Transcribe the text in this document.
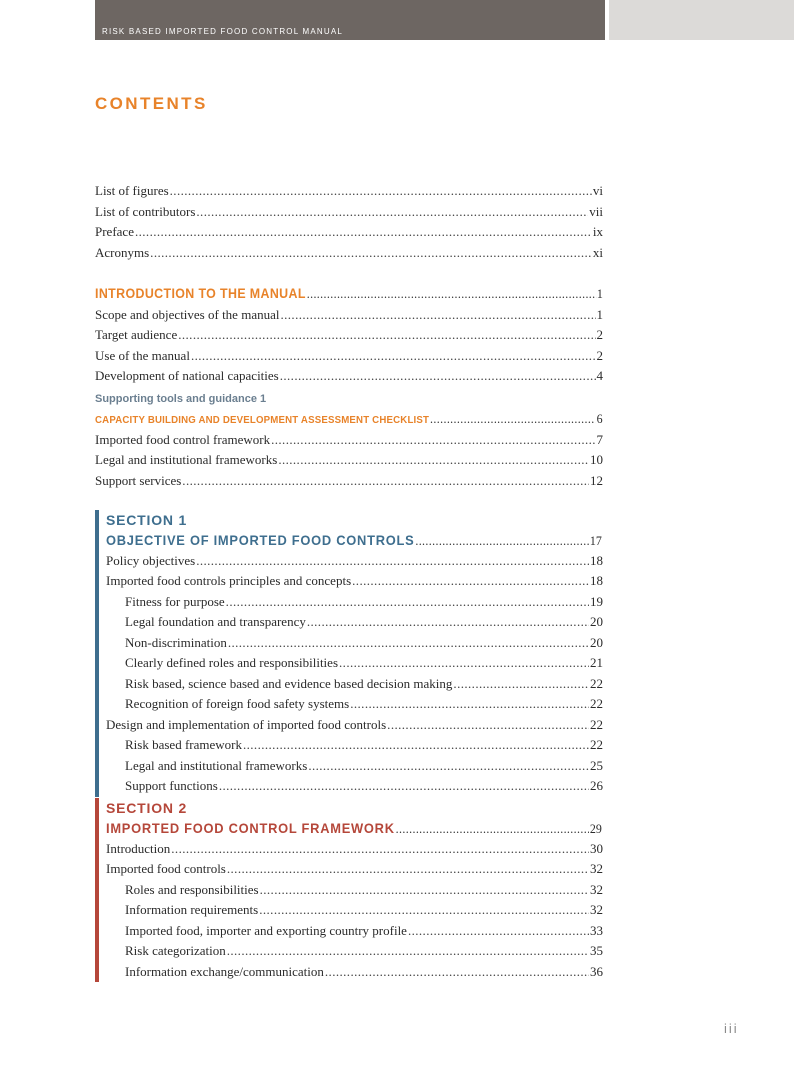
RISK BASED IMPORTED FOOD CONTROL MANUAL
CONTENTS
List of figures .....	vi
List of contributors .....	vii
Preface .....	ix
Acronyms .....	xi
INTRODUCTION TO THE MANUAL .....	1
Scope and objectives of the manual .....	1
Target audience .....	2
Use of the manual .....	2
Development of national capacities .....	4
Supporting tools and guidance 1
CAPACITY BUILDING AND DEVELOPMENT ASSESSMENT CHECKLIST .....	6
Imported food control framework .....	7
Legal and institutional frameworks .....	10
Support services .....	12
SECTION 1
OBJECTIVE OF IMPORTED FOOD CONTROLS .....	17
Policy objectives .....	18
Imported food controls principles and concepts .....	18
Fitness for purpose .....	19
Legal foundation and transparency .....	20
Non-discrimination .....	20
Clearly defined roles and responsibilities .....	21
Risk based, science based and evidence based decision making .....	22
Recognition of foreign food safety systems .....	22
Design and implementation of imported food controls .....	22
Risk based framework .....	22
Legal and institutional frameworks .....	25
Support functions .....	26
SECTION 2
IMPORTED FOOD CONTROL FRAMEWORK .....	29
Introduction .....	30
Imported food controls .....	32
Roles and responsibilities .....	32
Information requirements .....	32
Imported food, importer and exporting country profile .....	33
Risk categorization .....	35
Information exchange/communication .....	36
iii
